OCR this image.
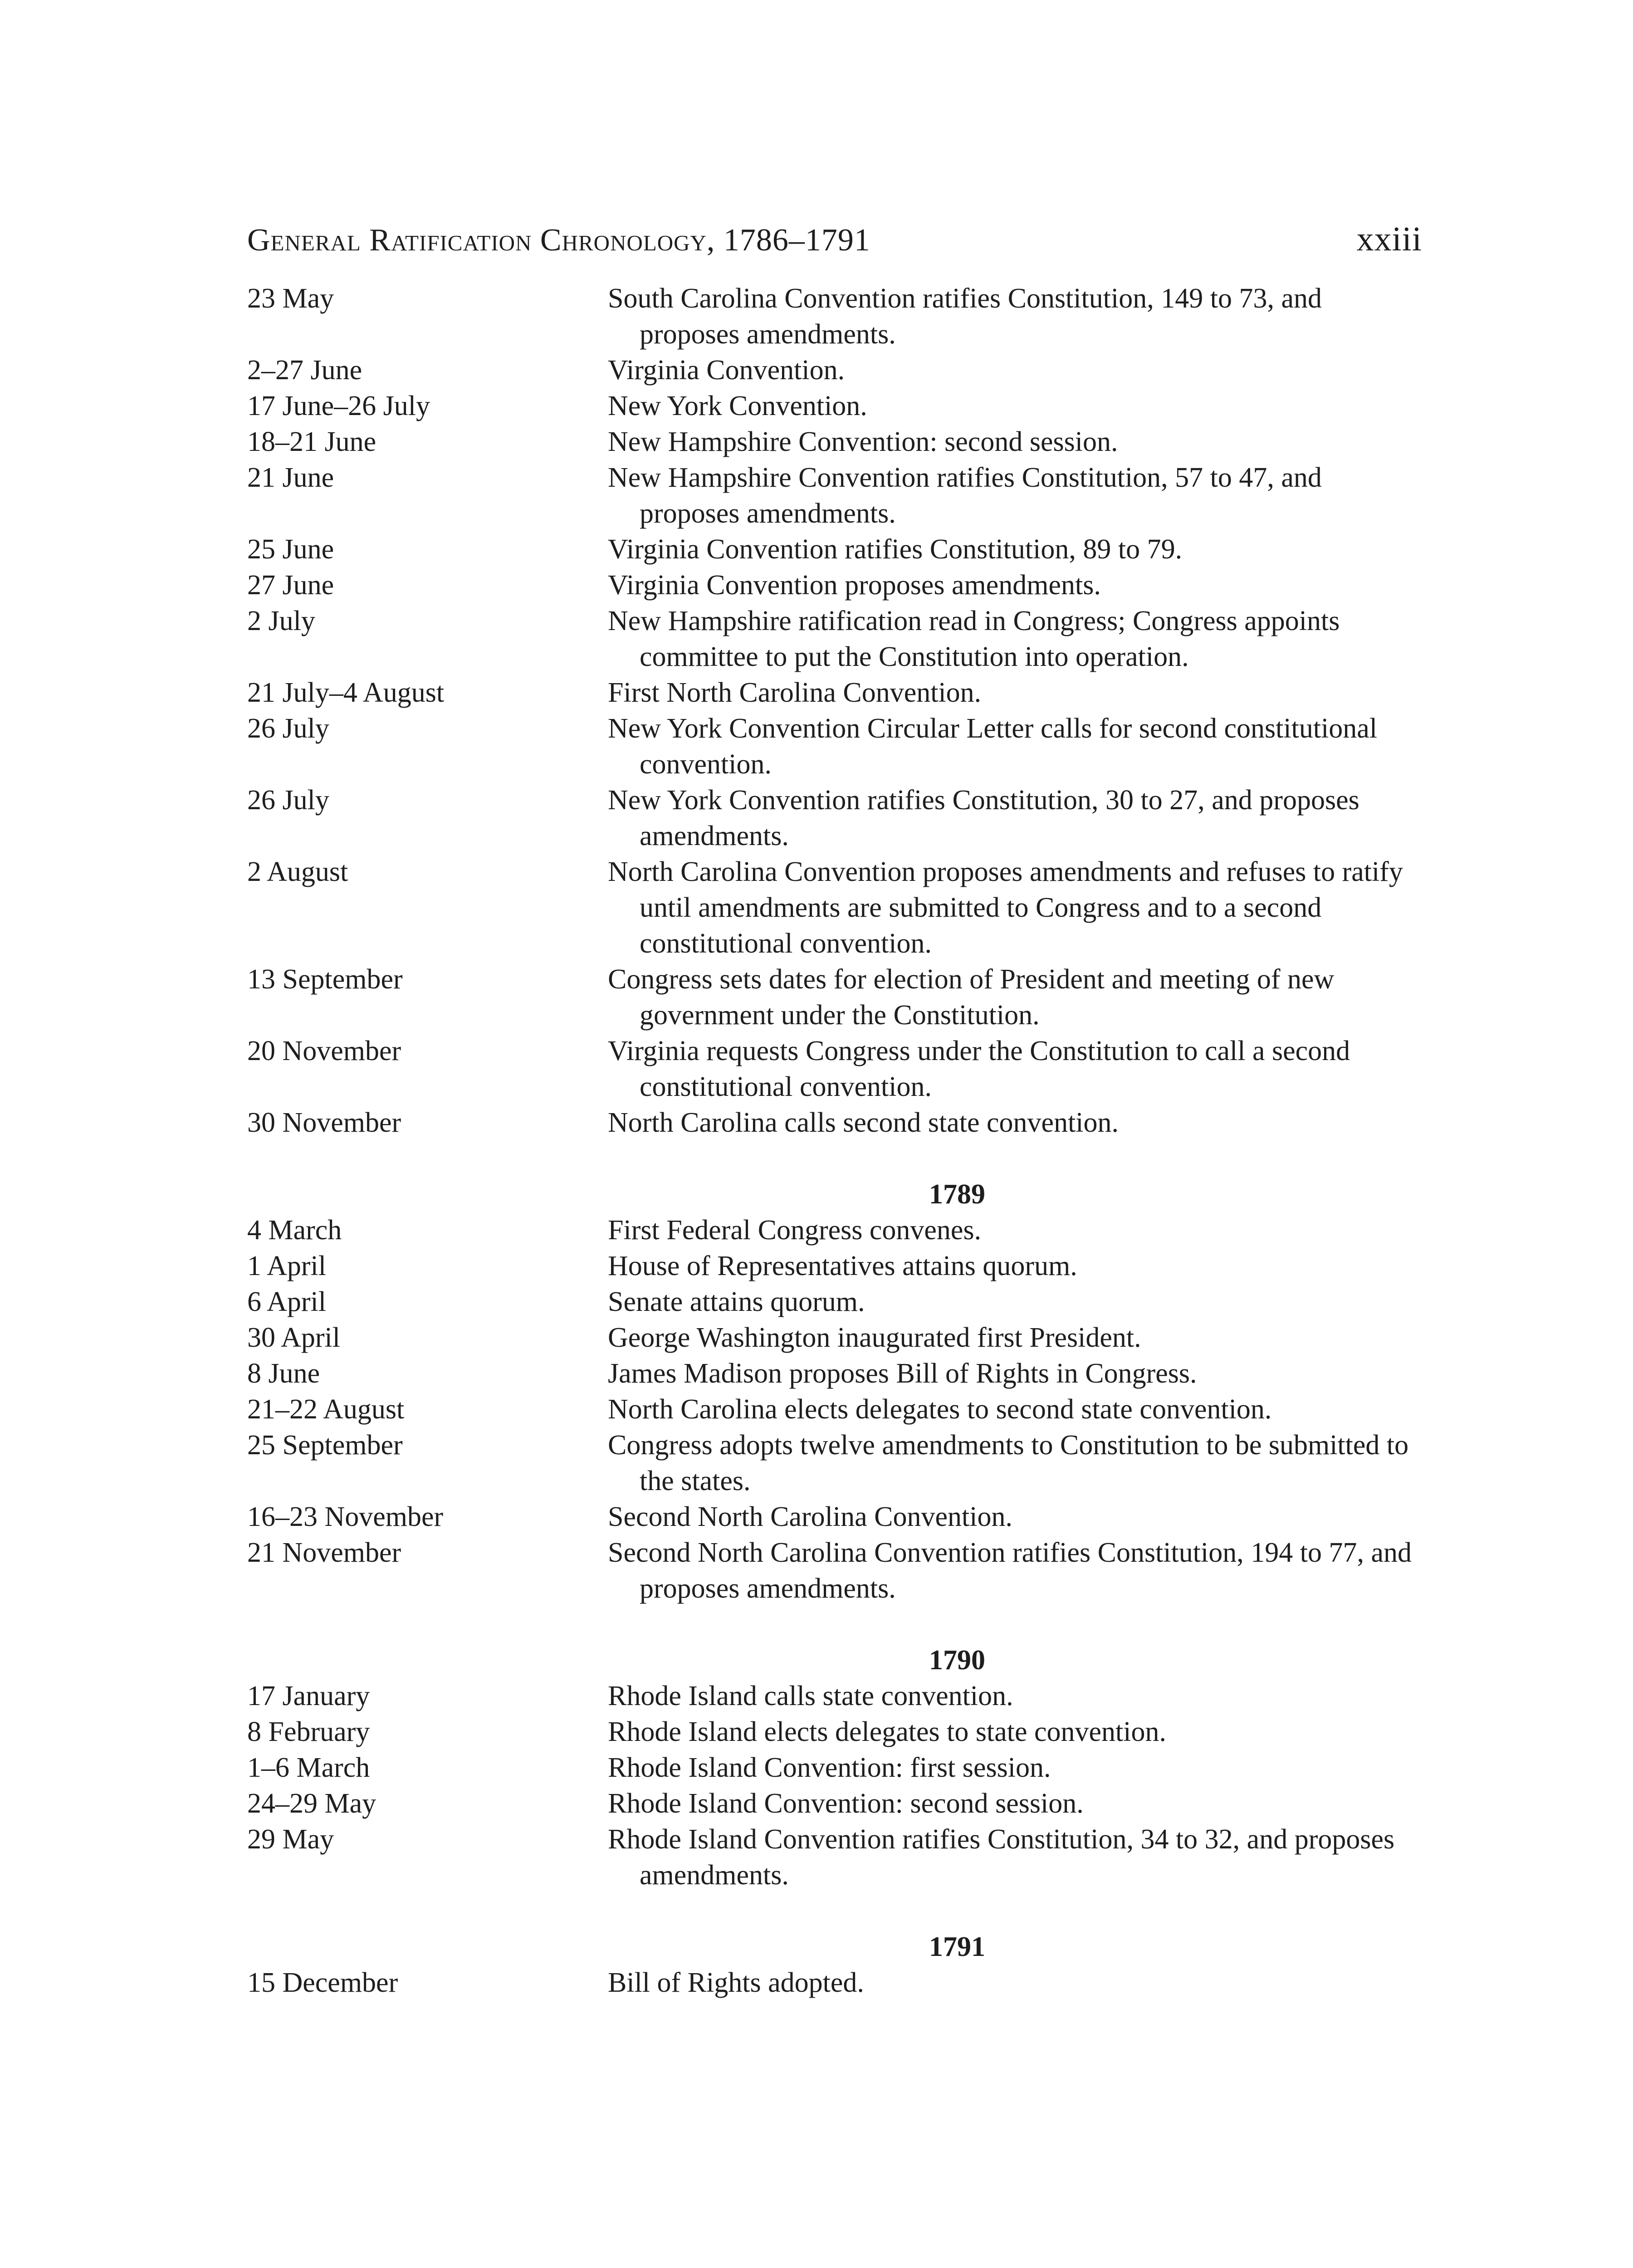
General Ratification Chronology, 1786–1791	xxiii
23 May	South Carolina Convention ratifies Constitution, 149 to 73, and proposes amendments.
2–27 June	Virginia Convention.
17 June–26 July	New York Convention.
18–21 June	New Hampshire Convention: second session.
21 June	New Hampshire Convention ratifies Constitution, 57 to 47, and proposes amendments.
25 June	Virginia Convention ratifies Constitution, 89 to 79.
27 June	Virginia Convention proposes amendments.
2 July	New Hampshire ratification read in Congress; Congress appoints committee to put the Constitution into operation.
21 July–4 August	First North Carolina Convention.
26 July	New York Convention Circular Letter calls for second constitutional convention.
26 July	New York Convention ratifies Constitution, 30 to 27, and proposes amendments.
2 August	North Carolina Convention proposes amendments and refuses to ratify until amendments are submitted to Congress and to a second constitutional convention.
13 September	Congress sets dates for election of President and meeting of new government under the Constitution.
20 November	Virginia requests Congress under the Constitution to call a second constitutional convention.
30 November	North Carolina calls second state convention.
1789
4 March	First Federal Congress convenes.
1 April	House of Representatives attains quorum.
6 April	Senate attains quorum.
30 April	George Washington inaugurated first President.
8 June	James Madison proposes Bill of Rights in Congress.
21–22 August	North Carolina elects delegates to second state convention.
25 September	Congress adopts twelve amendments to Constitution to be submitted to the states.
16–23 November	Second North Carolina Convention.
21 November	Second North Carolina Convention ratifies Constitution, 194 to 77, and proposes amendments.
1790
17 January	Rhode Island calls state convention.
8 February	Rhode Island elects delegates to state convention.
1–6 March	Rhode Island Convention: first session.
24–29 May	Rhode Island Convention: second session.
29 May	Rhode Island Convention ratifies Constitution, 34 to 32, and proposes amendments.
1791
15 December	Bill of Rights adopted.
